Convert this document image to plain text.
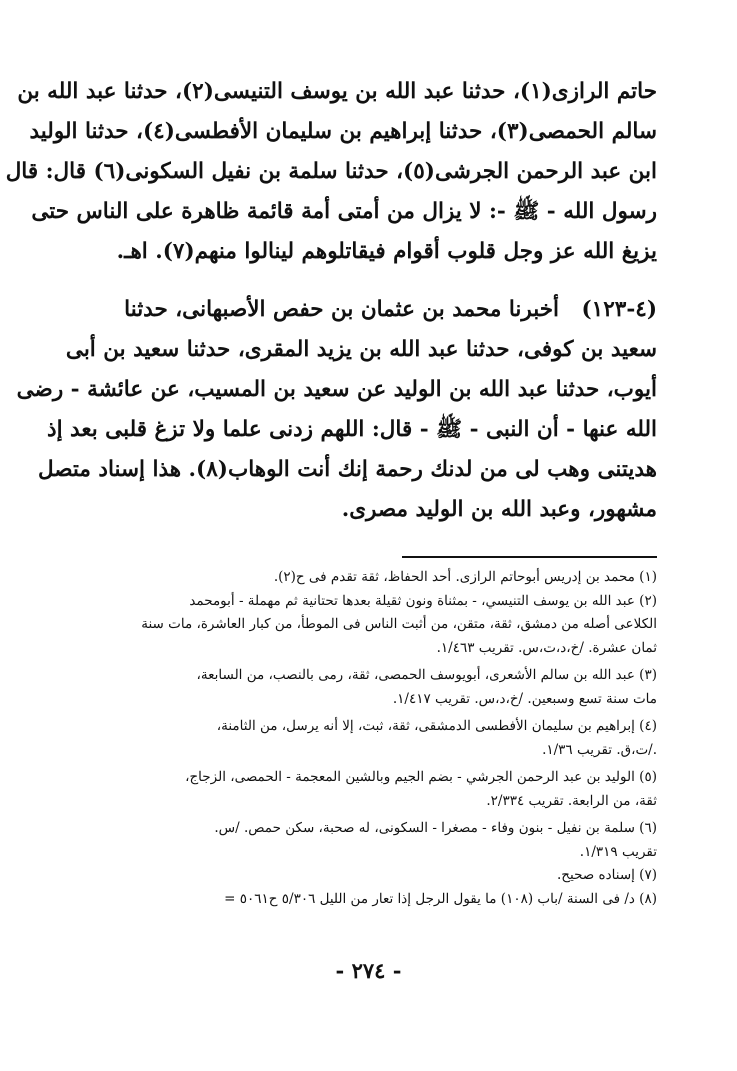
حاتم الرازى(١)، حدثنا عبد الله بن يوسف التنيسى(٢)، حدثنا عبد الله بن

سالم الحمصى(٣)، حدثنا إبراهيم بن سليمان الأفطسى(٤)، حدثنا الوليد

ابن عبد الرحمن الجرشى(٥)، حدثنا سلمة بن نفيل السكونى(٦) قال: قال

رسول الله - ﷺ -: لا يزال من أمتى أمة قائمة ظاهرة على الناس حتى

يزيغ الله عز وجل قلوب أقوام فيقاتلوهم لينالوا منهم(٧). اهـ.

(٤-١٢٣)   أخبرنا محمد بن عثمان بن حفص الأصبهانى، حدثنا

سعيد بن كوفى، حدثنا عبد الله بن يزيد المقرى، حدثنا سعيد بن أبى

أيوب، حدثنا عبد الله بن الوليد عن سعيد بن المسيب، عن عائشة - رضى

الله عنها - أن النبى - ﷺ - قال: اللهم زدنى علما ولا تزغ قلبى بعد إذ

هديتنى وهب لى من لدنك رحمة إنك أنت الوهاب(٨). هذا إسناد متصل

مشهور، وعبد الله بن الوليد مصرى.

(١) محمد بن إدريس أبوحاتم الرازى. أحد الحفاظ، ثقة تقدم فى ح(٢).

(٢) عبد الله بن يوسف التنيسي، - بمثناة ونون ثقيلة بعدها تحتانية ثم مهملة - أبومحمد

الكلاعى أصله من دمشق، ثقة، متقن، من أثبت الناس فى الموطأ، من كبار العاشرة، مات سنة

ثمان عشرة. /خ،د،ت،س. تقريب ١/٤٦٣.

(٣) عبد الله بن سالم الأشعرى، أبويوسف الحمصى، ثقة، رمى بالنصب، من السابعة،

مات سنة تسع وسبعين. /خ،د،س. تقريب ١/٤١٧.

(٤) إبراهيم بن سليمان الأفطسى الدمشقى، ثقة، ثبت، إلا أنه يرسل، من الثامنة،

./ت،ق. تقريب ١/٣٦.

(٥) الوليد بن عبد الرحمن الجرشي - بضم الجيم وبالشين المعجمة - الحمصى، الزجاج،

ثقة، من الرابعة. تقريب ٢/٣٣٤.

(٦) سلمة بن نفيل - بنون وفاء - مصغرا - السكونى، له صحبة، سكن حمص. /س.

تقريب ١/٣١٩.

(٧) إسناده صحيح.

(٨) د/ فى السنة /باب (١٠٨) ما يقول الرجل إذا تعار من الليل ٥/٣٠٦ ح٥٠٦١ =

- ٢٧٤ -
